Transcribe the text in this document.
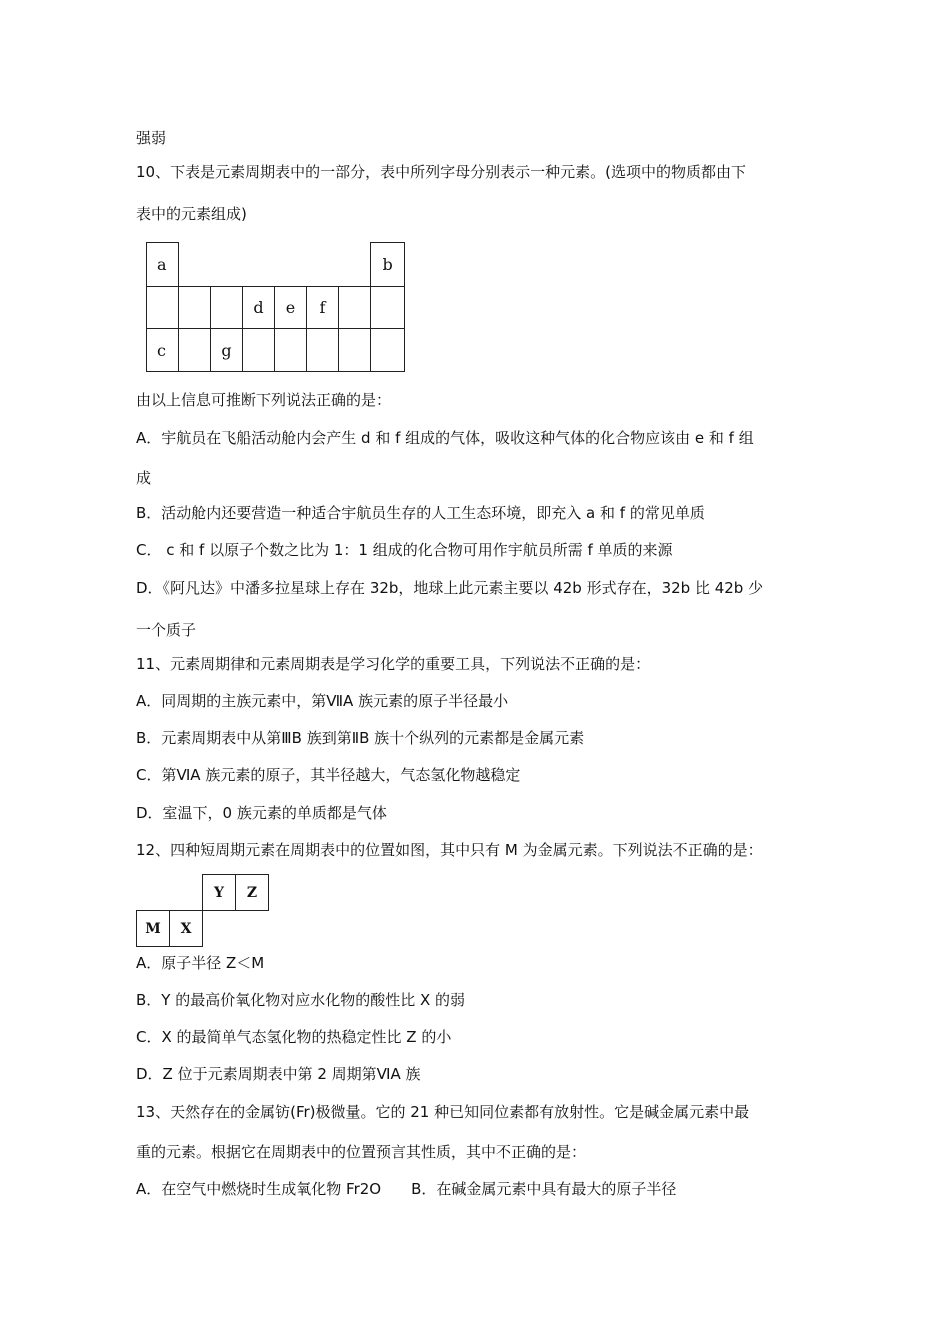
强弱
10、下表是元素周期表中的一部分，表中所列字母分别表示一种元素。(选项中的物质都由下
表中的元素组成)
a							b
			d	e	f		
c		g					
由以上信息可推断下列说法正确的是：
A．宇航员在飞船活动舱内会产生 d 和 f 组成的气体，吸收这种气体的化合物应该由 e 和 f 组
成
B．活动舱内还要营造一种适合宇航员生存的人工生态环境，即充入 a 和 f 的常见单质
C． c 和 f 以原子个数之比为 1：1 组成的化合物可用作宇航员所需 f 单质的来源
D．《阿凡达》中潘多拉星球上存在 32b，地球上此元素主要以 42b 形式存在，32b 比 42b 少
一个质子
11、元素周期律和元素周期表是学习化学的重要工具，下列说法不正确的是：
A．同周期的主族元素中，第ⅦA 族元素的原子半径最小
B．元素周期表中从第ⅢB 族到第ⅡB 族十个纵列的元素都是金属元素
C．第ⅥA 族元素的原子，其半径越大，气态氢化物越稳定
D．室温下，0 族元素的单质都是气体
12、四种短周期元素在周期表中的位置如图，其中只有 M 为金属元素。下列说法不正确的是：
		Y	Z
M	X		
A．原子半径 Z＜M
B．Y 的最高价氧化物对应水化物的酸性比 X 的弱
C．X 的最简单气态氢化物的热稳定性比 Z 的小
D．Z 位于元素周期表中第 2 周期第ⅥA 族
13、天然存在的金属钫(Fr)极微量。它的 21 种已知同位素都有放射性。它是碱金属元素中最
重的元素。根据它在周期表中的位置预言其性质，其中不正确的是：
A．在空气中燃烧时生成氧化物 Fr2O　　B．在碱金属元素中具有最大的原子半径
